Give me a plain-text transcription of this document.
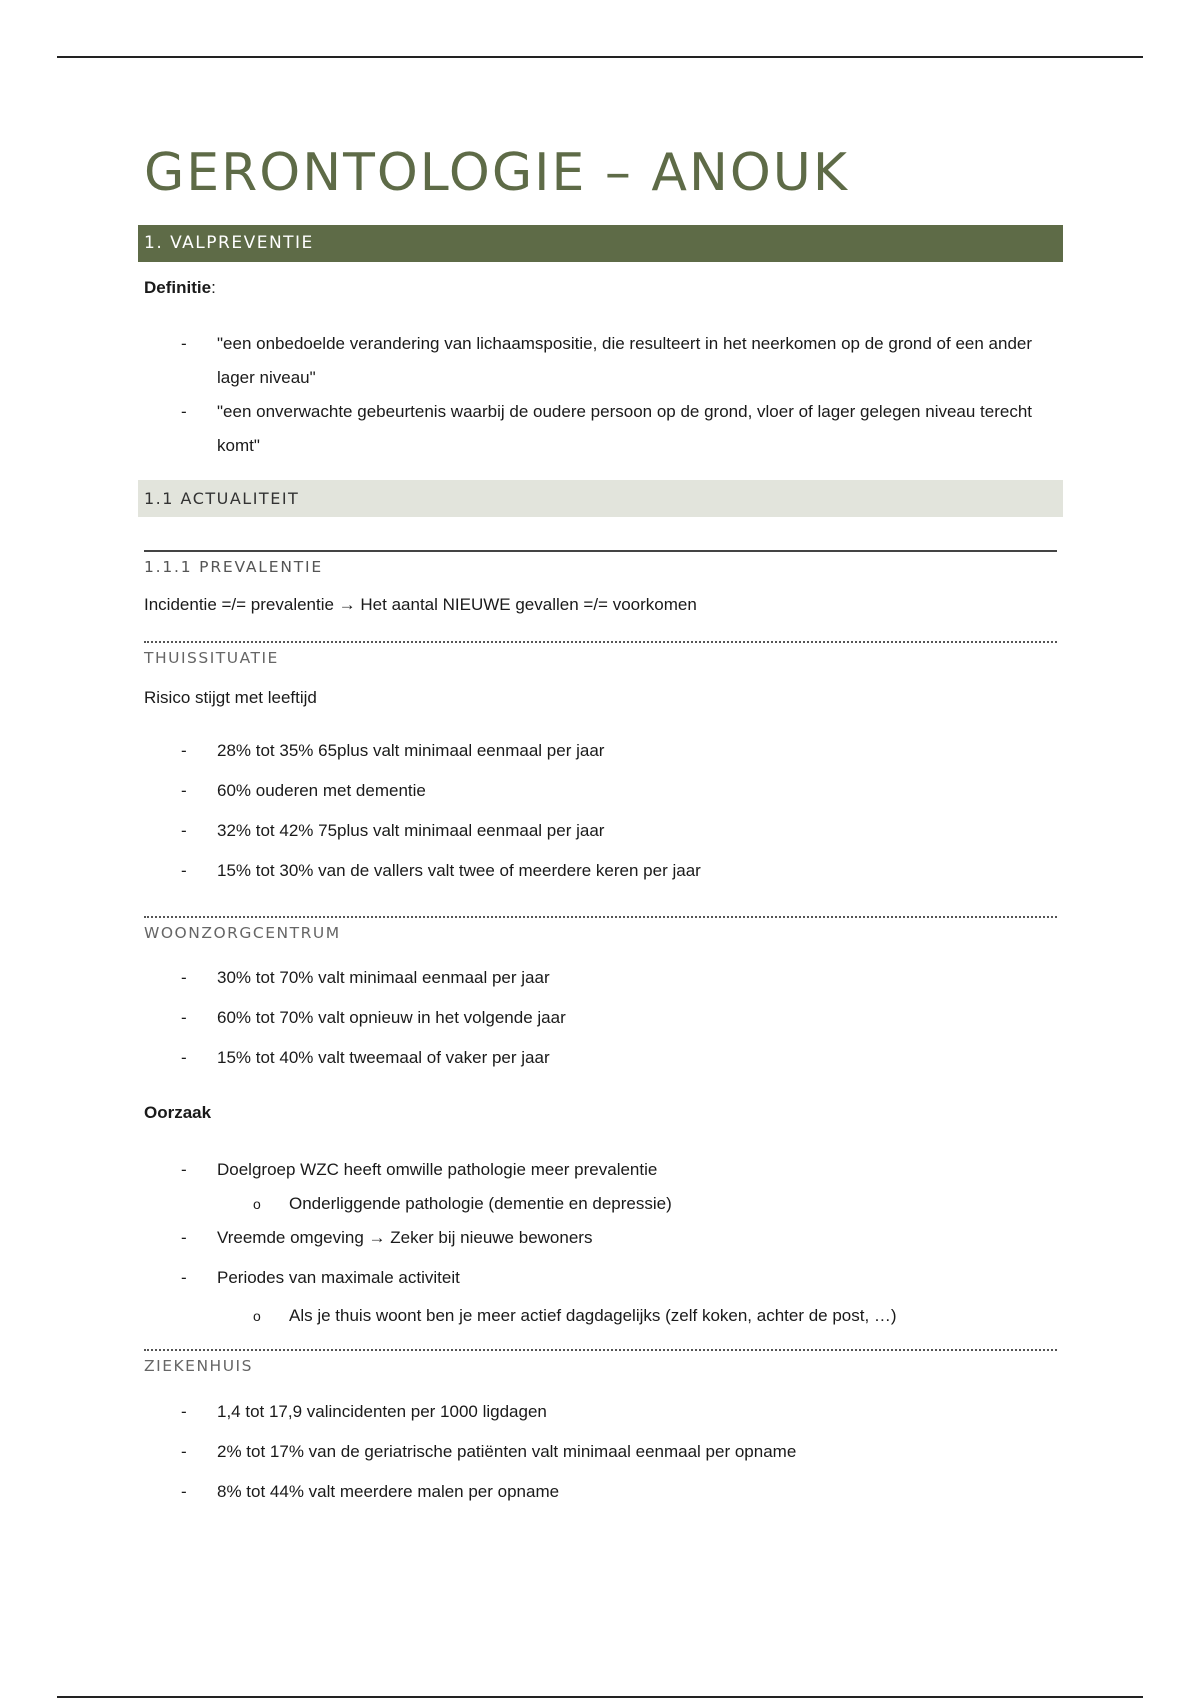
GERONTOLOGIE – ANOUK
1. VALPREVENTIE

Definitie:

- "een onbedoelde verandering van lichaamspositie, die resulteert in het neerkomen op de grond of een ander lager niveau"
- "een onverwachte gebeurtenis waarbij de oudere persoon op de grond, vloer of lager gelegen niveau terecht komt"
1.1 ACTUALITEIT
1.1.1 PREVALENTIE

Incidentie =/= prevalentie → Het aantal NIEUWE gevallen =/= voorkomen

THUISSITUATIE

Risico stijgt met leeftijd

- 28% tot 35% 65plus valt minimaal eenmaal per jaar
- 60% ouderen met dementie
- 32% tot 42% 75plus valt minimaal eenmaal per jaar
- 15% tot 30% van de vallers valt twee of meerdere keren per jaar
WOONZORGCENTRUM
- 30% tot 70% valt minimaal eenmaal per jaar
- 60% tot 70% valt opnieuw in het volgende jaar
- 15% tot 40% valt tweemaal of vaker per jaar

Oorzaak

- Doelgroep WZC heeft omwille pathologie meer prevalentie
o Onderliggende pathologie (dementie en depressie)
- Vreemde omgeving → Zeker bij nieuwe bewoners
- Periodes van maximale activiteit
o Als je thuis woont ben je meer actief dagdagelijks (zelf koken, achter de post, …)
ZIEKENHUIS
- 1,4 tot 17,9 valincidenten per 1000 ligdagen
- 2% tot 17% van de geriatrische patiënten valt minimaal eenmaal per opname
- 8% tot 44% valt meerdere malen per opname
